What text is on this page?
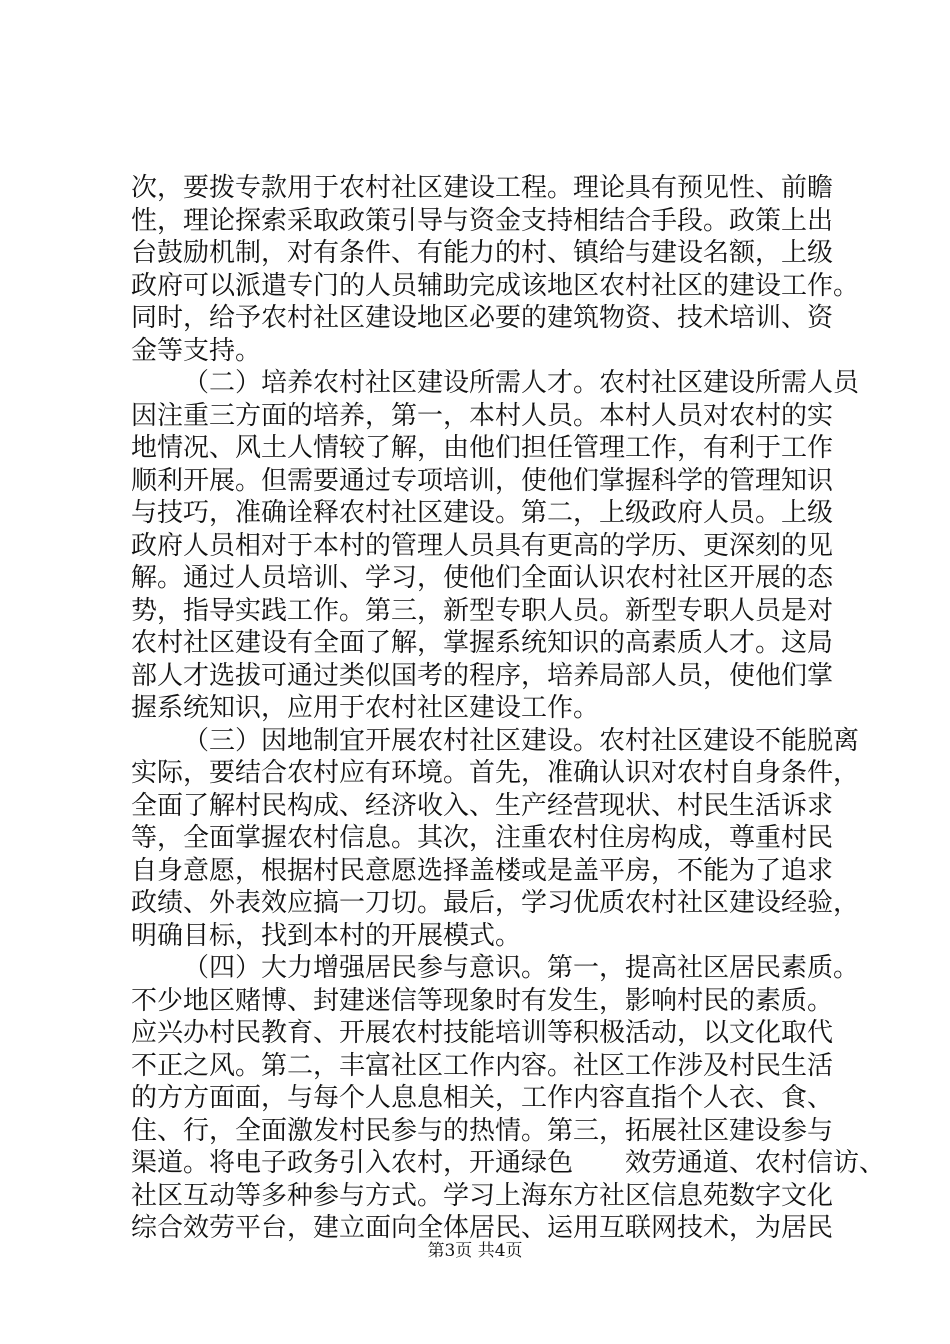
次，要拨专款用于农村社区建设工程。理论具有预见性、前瞻
性，理论探索采取政策引导与资金支持相结合手段。政策上出
台鼓励机制，对有条件、有能力的村、镇给与建设名额，上级
政府可以派遣专门的人员辅助完成该地区农村社区的建设工作。
同时，给予农村社区建设地区必要的建筑物资、技术培训、资
金等支持。
（二）培养农村社区建设所需人才。农村社区建设所需人员
因注重三方面的培养，第一，本村人员。本村人员对农村的实
地情况、风土人情较了解，由他们担任管理工作，有利于工作
顺利开展。但需要通过专项培训，使他们掌握科学的管理知识
与技巧，准确诠释农村社区建设。第二，上级政府人员。上级
政府人员相对于本村的管理人员具有更高的学历、更深刻的见
解。通过人员培训、学习，使他们全面认识农村社区开展的态
势，指导实践工作。第三，新型专职人员。新型专职人员是对
农村社区建设有全面了解，掌握系统知识的高素质人才。这局
部人才选拔可通过类似国考的程序，培养局部人员，使他们掌
握系统知识，应用于农村社区建设工作。
（三）因地制宜开展农村社区建设。农村社区建设不能脱离
实际，要结合农村应有环境。首先，准确认识对农村自身条件，
全面了解村民构成、经济收入、生产经营现状、村民生活诉求
等，全面掌握农村信息。其次，注重农村住房构成，尊重村民
自身意愿，根据村民意愿选择盖楼或是盖平房，不能为了追求
政绩、外表效应搞一刀切。最后，学习优质农村社区建设经验，
明确目标，找到本村的开展模式。
（四）大力增强居民参与意识。第一，提高社区居民素质。
不少地区赌博、封建迷信等现象时有发生，影响村民的素质。
应兴办村民教育、开展农村技能培训等积极活动，以文化取代
不正之风。第二，丰富社区工作内容。社区工作涉及村民生活
的方方面面，与每个人息息相关，工作内容直指个人衣、食、
住、行，全面激发村民参与的热情。第三，拓展社区建设参与
渠道。将电子政务引入农村，开通绿色　　效劳通道、农村信访、
社区互动等多种参与方式。学习上海东方社区信息苑数字文化
综合效劳平台，建立面向全体居民、运用互联网技术，为居民
第3页 共4页
